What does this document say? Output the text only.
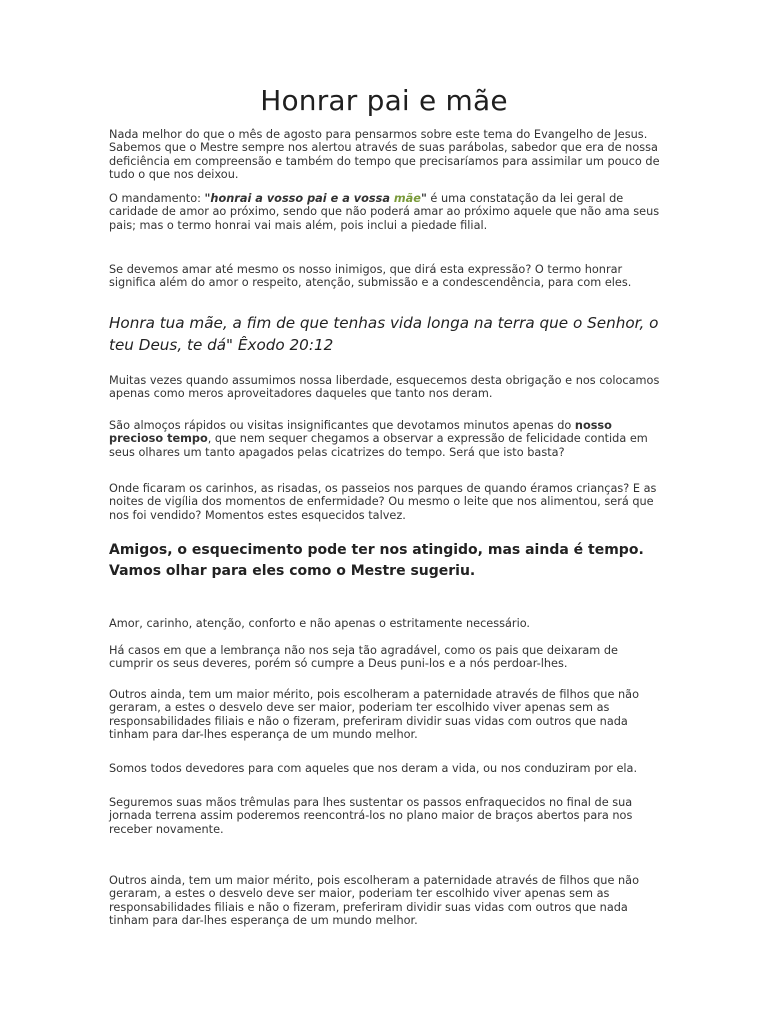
Honrar pai e mãe

Nada melhor do que o mês de agosto para pensarmos sobre este tema do Evangelho de Jesus. Sabemos que o Mestre sempre nos alertou através de suas parábolas, sabedor que era de nossa deficiência em compreensão e também do tempo que precisaríamos para assimilar um pouco de tudo o que nos deixou.

O mandamento: "honrai a vosso pai e a vossa mãe" é uma constatação da lei geral de caridade de amor ao próximo, sendo que não poderá amar ao próximo aquele que não ama seus pais; mas o termo honrai vai mais além, pois inclui a piedade filial.

Se devemos amar até mesmo os nosso inimigos, que dirá esta expressão? O termo honrar significa além do amor o respeito, atenção, submissão e a condescendência, para com eles.

Honra tua mãe, a fim de que tenhas vida longa na terra que o Senhor, o teu Deus, te dá" Êxodo 20:12

Muitas vezes quando assumimos nossa liberdade, esquecemos desta obrigação e nos colocamos apenas como meros aproveitadores daqueles que tanto nos deram.

São almoços rápidos ou visitas insignificantes que devotamos minutos apenas do nosso precioso tempo, que nem sequer chegamos a observar a expressão de felicidade contida em seus olhares um tanto apagados pelas cicatrizes do tempo. Será que isto basta?

Onde ficaram os carinhos, as risadas, os passeios nos parques de quando éramos crianças? E as noites de vigília dos momentos de enfermidade? Ou mesmo o leite que nos alimentou, será que nos foi vendido? Momentos estes esquecidos talvez.

Amigos, o esquecimento pode ter nos atingido, mas ainda é tempo. Vamos olhar para eles como o Mestre sugeriu.

Amor, carinho, atenção, conforto e não apenas o estritamente necessário.

Há casos em que a lembrança não nos seja tão agradável, como os pais que deixaram de cumprir os seus deveres, porém só cumpre a Deus puni-los e a nós perdoar-lhes.

Outros ainda, tem um maior mérito, pois escolheram a paternidade através de filhos que não geraram, a estes o desvelo deve ser maior, poderiam ter escolhido viver apenas sem as responsabilidades filiais e não o fizeram, preferiram dividir suas vidas com outros que nada tinham para dar-lhes esperança de um mundo melhor.

Somos todos devedores para com aqueles que nos deram a vida, ou nos conduziram por ela.

Seguremos suas mãos trêmulas para lhes sustentar os passos enfraquecidos no final de sua jornada terrena assim poderemos reencontrá-los no plano maior de braços abertos para nos receber novamente.

Outros ainda, tem um maior mérito, pois escolheram a paternidade através de filhos que não geraram, a estes o desvelo deve ser maior, poderiam ter escolhido viver apenas sem as responsabilidades filiais e não o fizeram, preferiram dividir suas vidas com outros que nada tinham para dar-lhes esperança de um mundo melhor.
